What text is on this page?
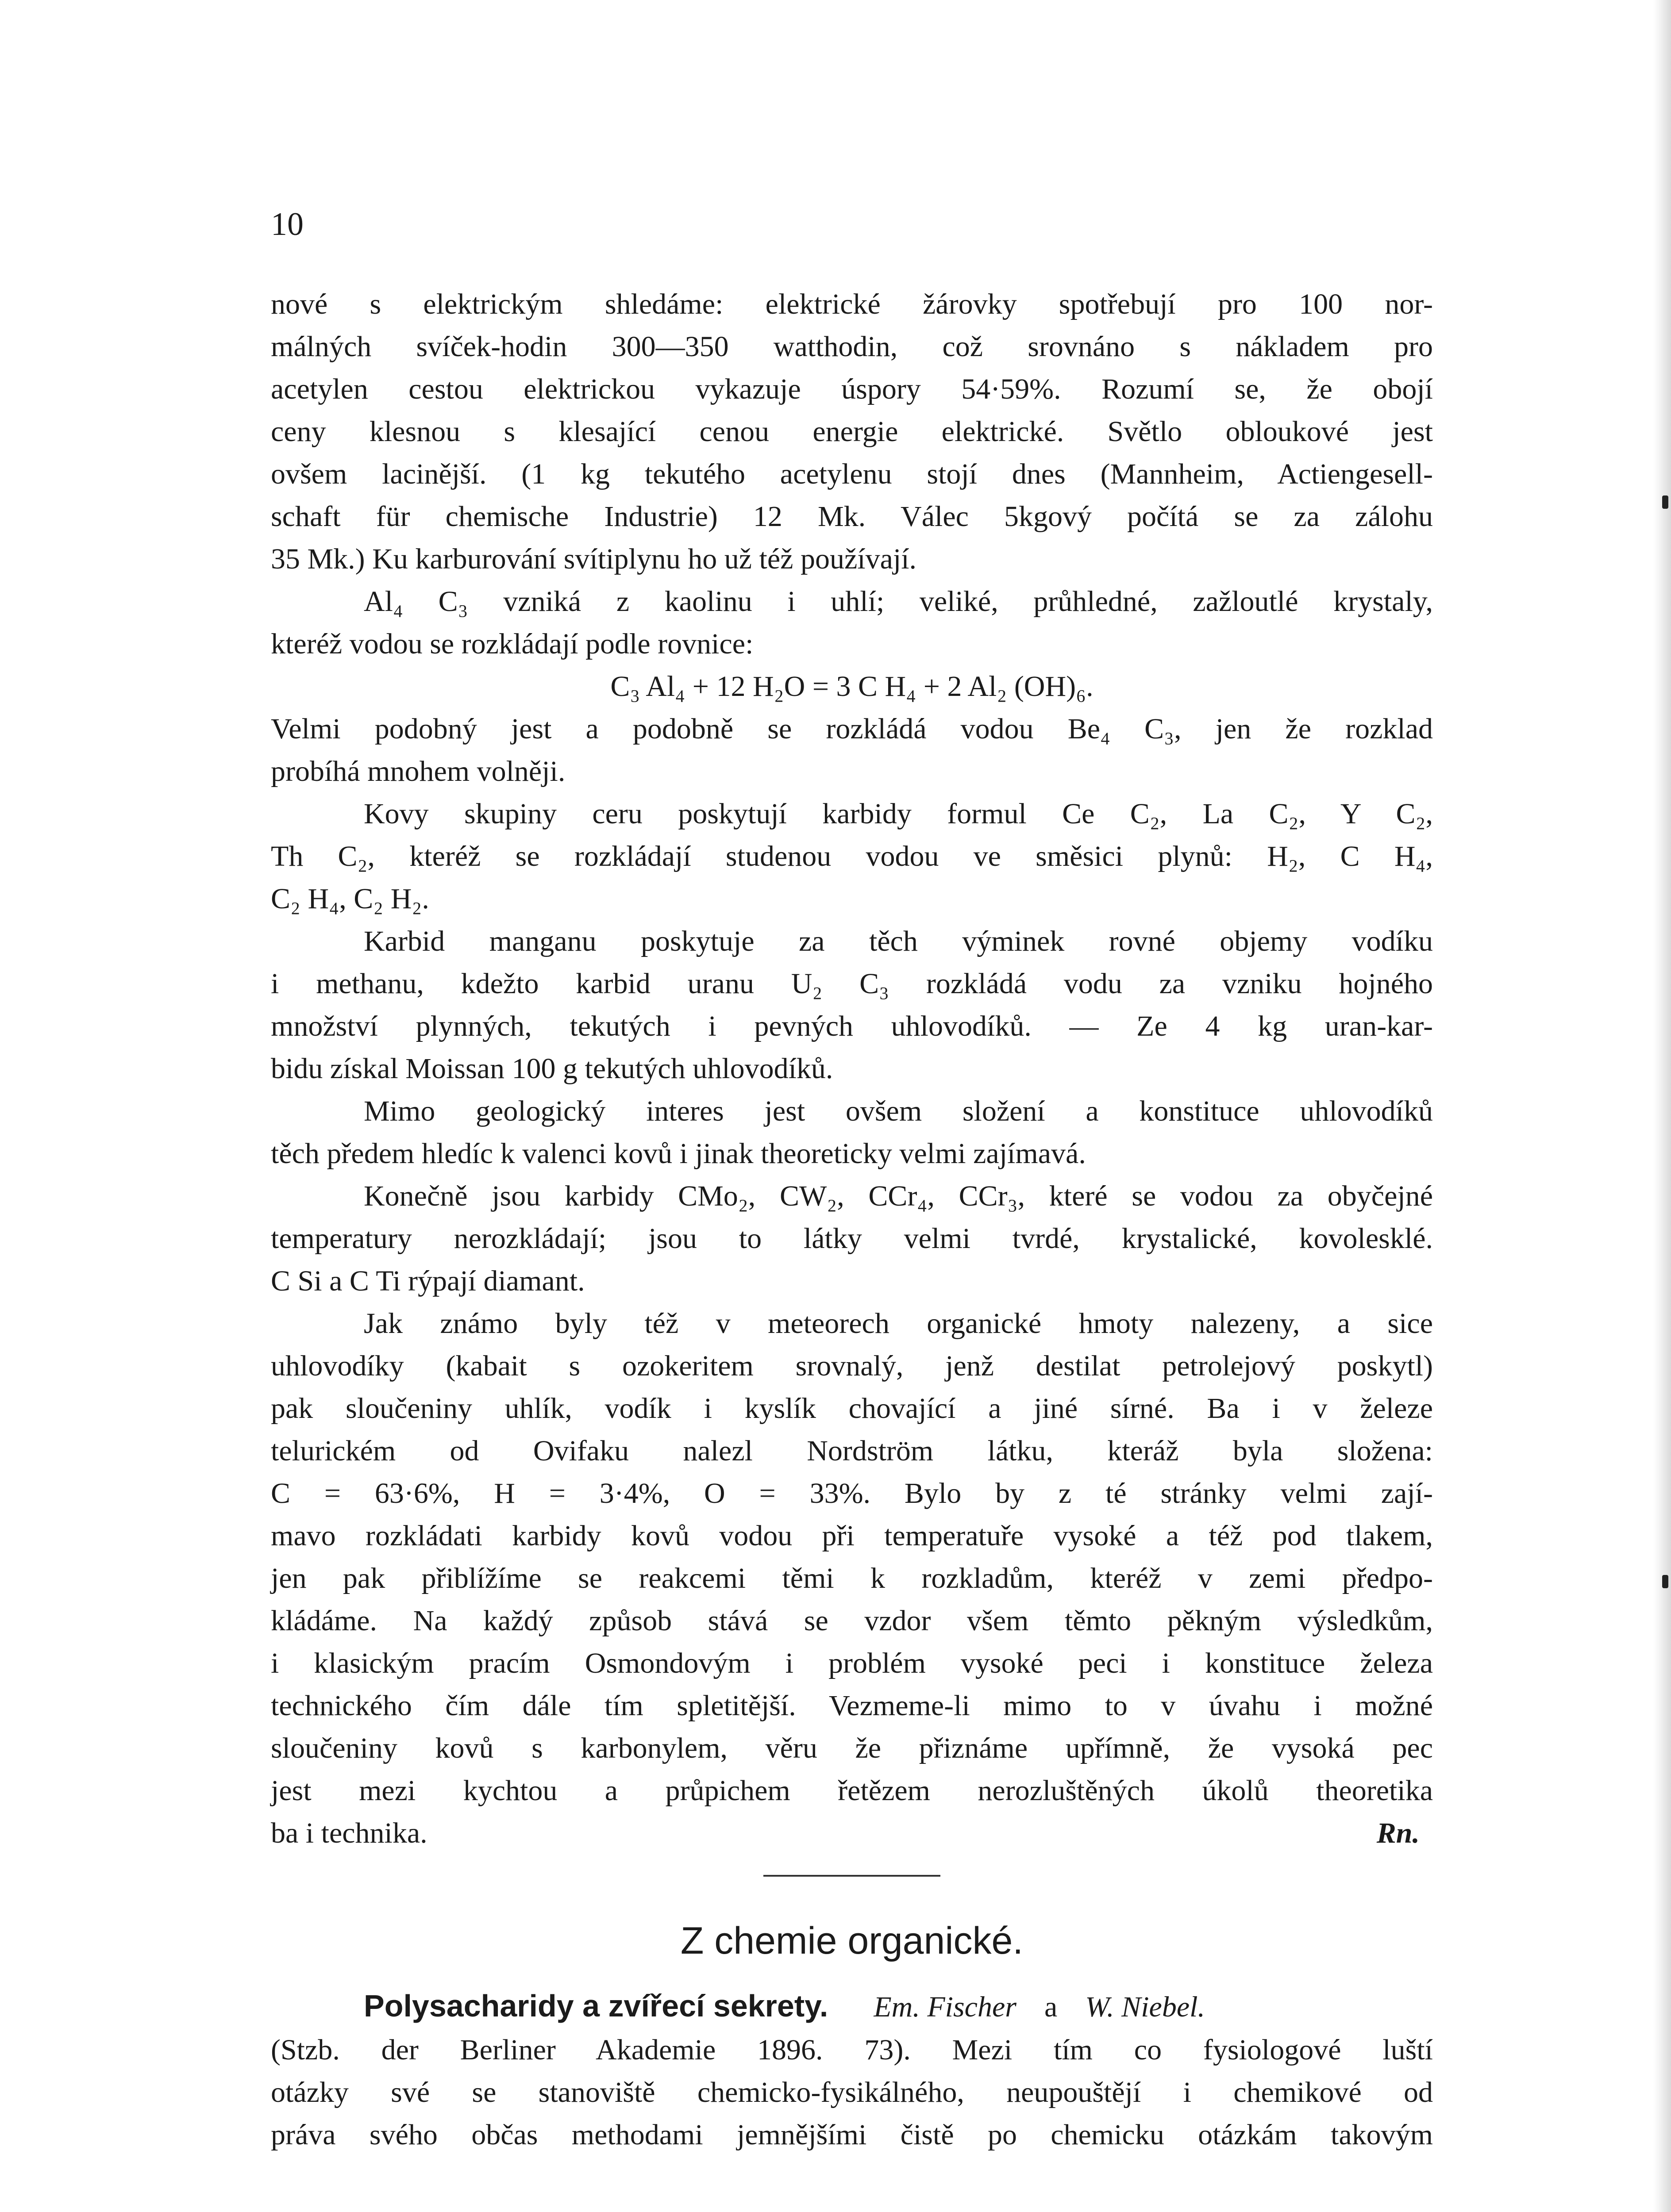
10
nové s elektrickým shledáme: elektrické žárovky spotřebují pro 100 nor-
málných svíček-hodin 300—350 watthodin, což srovnáno s nákladem pro
acetylen cestou elektrickou vykazuje úspory 54·59%. Rozumí se, že obojí
ceny klesnou s klesající cenou energie elektrické. Světlo obloukové jest
ovšem lacinější. (1 kg tekutého acetylenu stojí dnes (Mannheim, Actiengesell-
schaft für chemische Industrie) 12 Mk. Válec 5kgový počítá se za zálohu
35 Mk.) Ku karburování svítiplynu ho už též používají.
Al₄ C₃ vzniká z kaolinu i uhlí; veliké, průhledné, zažloutlé krystaly,
kteréž vodou se rozkládají podle rovnice:
C₃ Al₄ + 12 H₂O = 3 C H₄ + 2 Al₂ (OH)₆.
Velmi podobný jest a podobně se rozkládá vodou Be₄ C₃, jen že rozklad
probíhá mnohem volněji.
Kovy skupiny ceru poskytují karbidy formul Ce C₂, La C₂, Y C₂,
Th C₂, kteréž se rozkládají studenou vodou ve směsici plynů: H₂, C H₄,
C₂ H₄, C₂ H₂.
Karbid manganu poskytuje za těch výminek rovné objemy vodíku
i methanu, kdežto karbid uranu U₂ C₃ rozkládá vodu za vzniku hojného
množství plynných, tekutých i pevných uhlovodíků. — Ze 4 kg uran-kar-
bidu získal Moissan 100 g tekutých uhlovodíků.
Mimo geologický interes jest ovšem složení a konstituce uhlovodíků
těch předem hledíc k valenci kovů i jinak theoreticky velmi zajímavá.
Konečně jsou karbidy CMo₂, CW₂, CCr₄, CCr₃, které se vodou za obyčejné
temperatury nerozkládají; jsou to látky velmi tvrdé, krystalické, kovolesklé.
C Si a C Ti rýpají diamant.
Jak známo byly též v meteorech organické hmoty nalezeny, a sice
uhlovodíky (kabait s ozokeritem srovnalý, jenž destilat petrolejový poskytl)
pak sloučeniny uhlík, vodík i kyslík chovající a jiné sírné. Ba i v železe
telurickém od Ovifaku nalezl Nordström látku, kteráž byla složena:
C = 63·6%, H = 3·4%, O = 33%. Bylo by z té stránky velmi zají-
mavo rozkládati karbidy kovů vodou při temperatuře vysoké a též pod tlakem,
jen pak přiblížíme se reakcemi těmi k rozkladům, kteréž v zemi předpo-
kládáme. Na každý způsob stává se vzdor všem těmto pěkným výsledkům,
i klasickým pracím Osmondovým i problém vysoké peci i konstituce železa
technického čím dále tím spletitější. Vezmeme-li mimo to v úvahu i možné
sloučeniny kovů s karbonylem, věru že přiznáme upřímně, že vysoká pec
jest mezi kychtou a průpichem řetězem nerozluštěných úkolů theoretika
ba i technika.	Rn.
Z chemie organické.
Polysacharidy a zvířecí sekrety. Em. Fischer a W. Niebel.
(Stzb. der Berliner Akademie 1896. 73). Mezi tím co fysiologové luští
otázky své se stanoviště chemicko-fysikálného, neupouštějí i chemikové od
práva svého občas methodami jemnějšími čistě po chemicku otázkám takovým
